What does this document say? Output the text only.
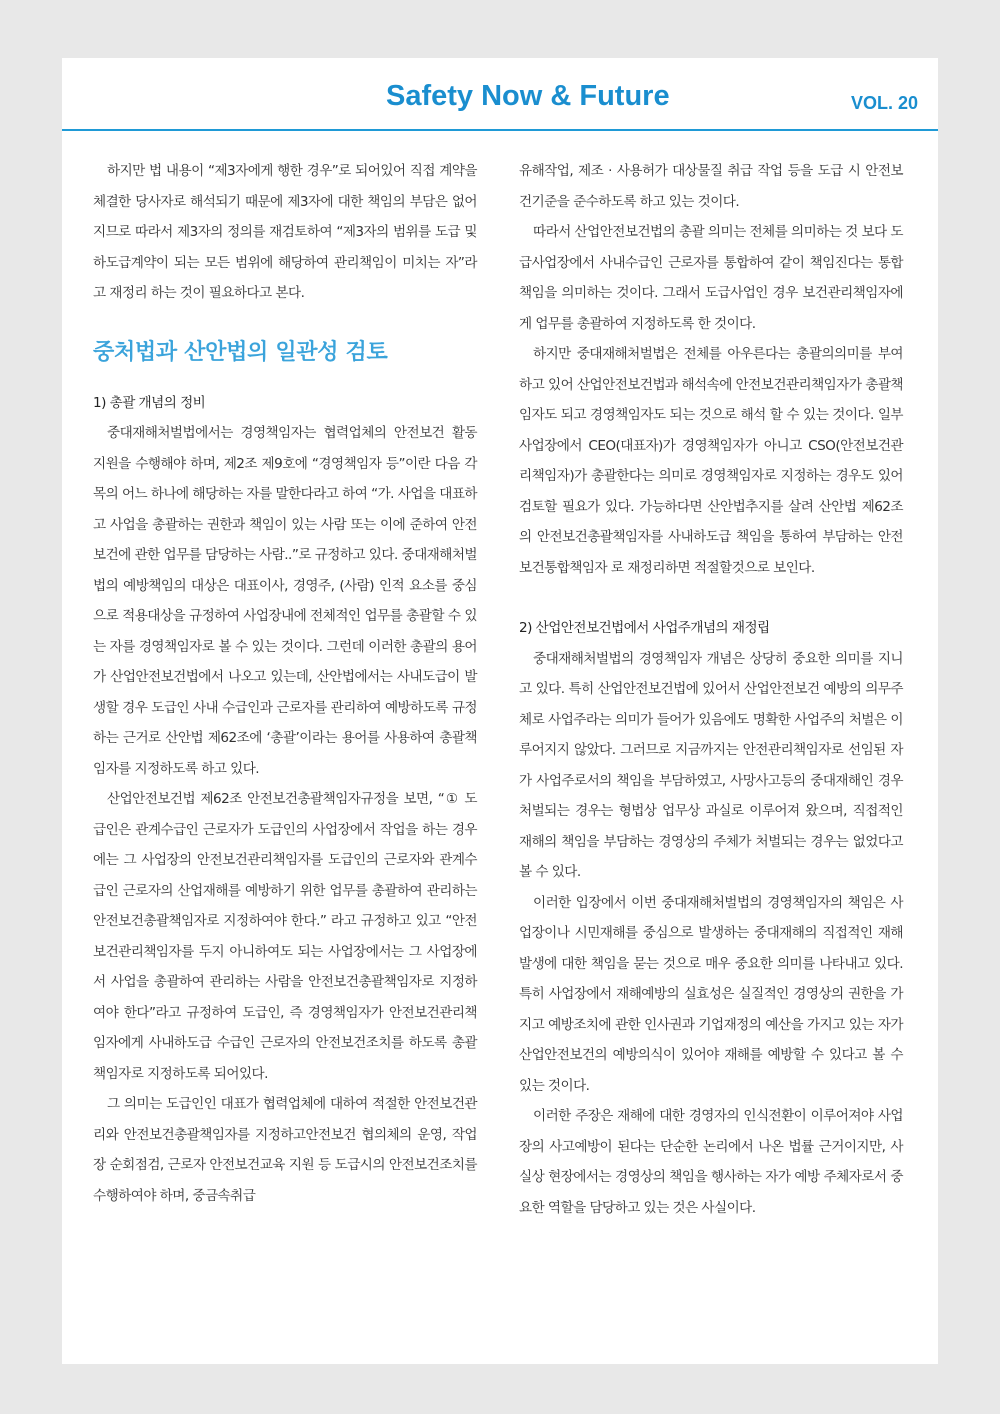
Safety Now & Future	VOL. 20

하지만 법 내용이 “제3자에게 행한 경우”로 되어있어 직접 계약을 체결한 당사자로 해석되기 때문에 제3자에 대한 책임의 부담은 없어지므로 따라서 제3자의 정의를 재검토하여 “제3자의 범위를 도급 및 하도급계약이 되는 모든 범위에 해당하여 관리책임이 미치는 자”라고 재정리 하는 것이 필요하다고 본다.

중처법과 산안법의 일관성 검토
1) 총괄 개념의 정비

중대재해처벌법에서는 경영책임자는 협력업체의 안전보건 활동 지원을 수행해야 하며, 제2조 제9호에 “경영책임자 등”이란 다음 각 목의 어느 하나에 해당하는 자를 말한다라고 하여 “가. 사업을 대표하고 사업을 총괄하는 권한과 책임이 있는 사람 또는 이에 준하여 안전보건에 관한 업무를 담당하는 사람..”로 규정하고 있다. 중대재해처벌법의 예방책임의 대상은 대표이사, 경영주, (사람) 인적 요소를 중심으로 적용대상을 규정하여 사업장내에 전체적인 업무를 총괄할 수 있는 자를 경영책임자로 볼 수 있는 것이다. 그런데 이러한 총괄의 용어가 산업안전보건법에서 나오고 있는데, 산안법에서는 사내도급이 발생할 경우 도급인 사내 수급인과 근로자를 관리하여 예방하도록 규정하는 근거로 산안법 제62조에 ‘총괄’이라는 용어를 사용하여 총괄책임자를 지정하도록 하고 있다.

산업안전보건법 제62조 안전보건총괄책임자규정을 보면, “① 도급인은 관계수급인 근로자가 도급인의 사업장에서 작업을 하는 경우에는 그 사업장의 안전보건관리책임자를 도급인의 근로자와 관계수급인 근로자의 산업재해를 예방하기 위한 업무를 총괄하여 관리하는 안전보건총괄책임자로 지정하여야 한다.” 라고 규정하고 있고 “안전보건관리책임자를 두지 아니하여도 되는 사업장에서는 그 사업장에서 사업을 총괄하여 관리하는 사람을 안전보건총괄책임자로 지정하여야 한다”라고 규정하여 도급인, 즉 경영책임자가 안전보건관리책임자에게 사내하도급 수급인 근로자의 안전보건조치를 하도록 총괄책임자로 지정하도록 되어있다.

그 의미는 도급인인 대표가 협력업체에 대하여 적절한 안전보건관리와 안전보건총괄책임자를 지정하고안전보건 협의체의 운영, 작업장 순회점검, 근로자 안전보건교육 지원 등 도급시의 안전보건조치를 수행하여야 하며, 중금속취급

유해작업, 제조 · 사용허가 대상물질 취급 작업 등을 도급 시 안전보건기준을 준수하도록 하고 있는 것이다.

따라서 산업안전보건법의 총괄 의미는 전체를 의미하는 것 보다 도급사업장에서 사내수급인 근로자를 통합하여 같이 책임진다는 통합책임을 의미하는 것이다. 그래서 도급사업인 경우 보건관리책임자에게 업무를 총괄하여 지정하도록 한 것이다.

하지만 중대재해처벌법은 전체를 아우른다는 총괄의의미를 부여하고 있어 산업안전보건법과 해석속에 안전보건관리책임자가 총괄책임자도 되고 경영책임자도 되는 것으로 해석 할 수 있는 것이다. 일부 사업장에서 CEO(대표자)가 경영책임자가 아니고 CSO(안전보건관리책임자)가 총괄한다는 의미로 경영책임자로 지정하는 경우도 있어 검토할 필요가 있다. 가능하다면 산안법추지를 살려 산안법 제62조의 안전보건총괄책임자를 사내하도급 책임을 통하여 부담하는 안전보건통합책임자 로 재정리하면 적절할것으로 보인다.

2) 산업안전보건법에서 사업주개념의 재정립

중대재해처벌법의 경영책임자 개념은 상당히 중요한 의미를 지니고 있다. 특히 산업안전보건법에 있어서 산업안전보건 예방의 의무주체로 사업주라는 의미가 들어가 있음에도 명확한 사업주의 처벌은 이루어지지 않았다. 그러므로 지금까지는 안전관리책임자로 선임된 자가 사업주로서의 책임을 부담하였고, 사망사고등의 중대재해인 경우 처벌되는 경우는 형법상 업무상 과실로 이루어져 왔으며, 직접적인 재해의 책임을 부담하는 경영상의 주체가 처벌되는 경우는 없었다고 볼 수 있다.

이러한 입장에서 이번 중대재해처벌법의 경영책임자의 책임은 사업장이나 시민재해를 중심으로 발생하는 중대재해의 직접적인 재해발생에 대한 책임을 묻는 것으로 매우 중요한 의미를 나타내고 있다. 특히 사업장에서 재해예방의 실효성은 실질적인 경영상의 권한을 가지고 예방조치에 관한 인사권과 기업재정의 예산을 가지고 있는 자가 산업안전보건의 예방의식이 있어야 재해를 예방할 수 있다고 볼 수 있는 것이다.

이러한 주장은 재해에 대한 경영자의 인식전환이 이루어져야 사업장의 사고예방이 된다는 단순한 논리에서 나온 법률 근거이지만, 사실상 현장에서는 경영상의 책임을 행사하는 자가 예방 주체자로서 중요한 역할을 담당하고 있는 것은 사실이다.
